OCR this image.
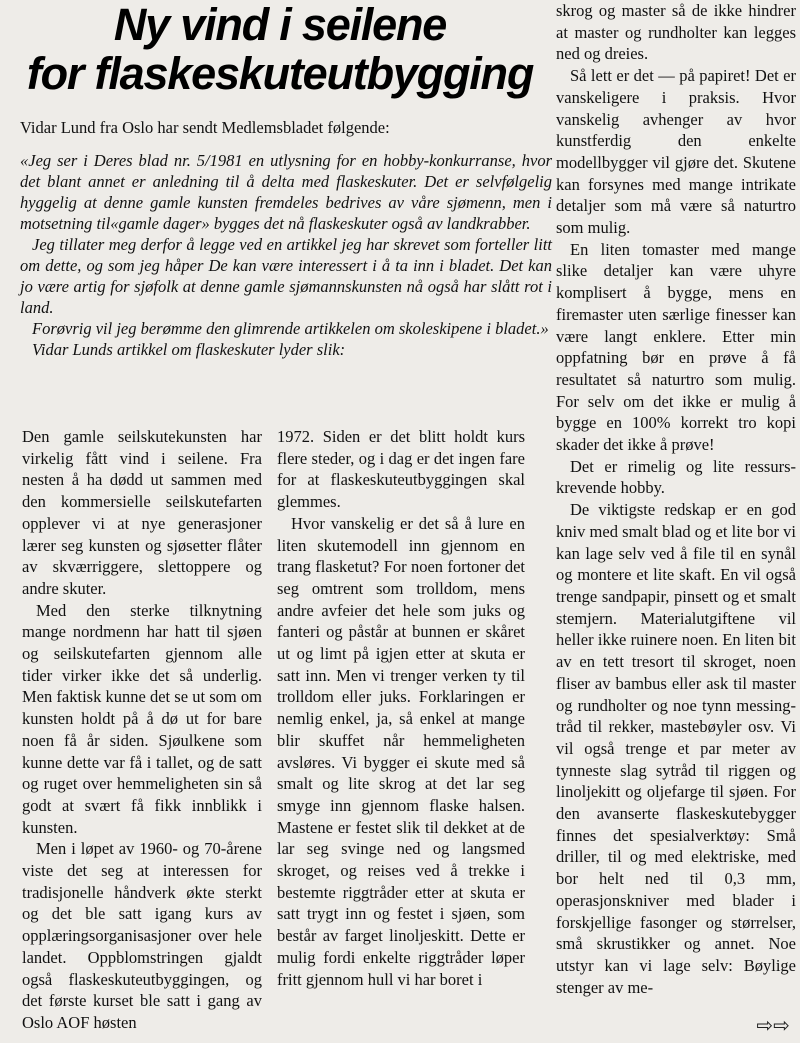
Ny vind i seilene
for flaskeskuteutbygging
Vidar Lund fra Oslo har sendt Medlemsbladet følgende:

«Jeg ser i Deres blad nr. 5/1981 en utlysning for en hobby-konkurranse, hvor det blant annet er anledning til å delta med flaskeskuter. Det er selvfølgelig hyggelig at denne gamle kunsten fremdeles bedrives av våre sjømenn, men i motsetning til«gamle dager» bygges det nå flaskeskuter også av landkrabber.

Jeg tillater meg derfor å legge ved en artikkel jeg har skrevet som forteller litt om dette, og som jeg håper De kan være interessert i å ta inn i bladet. Det kan jo være artig for sjøfolk at denne gamle sjømannskunsten nå også har slått rot i land.

Forøvrig vil jeg berømme den glimrende artikkelen om skoleskipene i bladet.»

Vidar Lunds artikkel om flaskeskuter lyder slik:

Den gamle seilskutekunsten har virkelig fått vind i seilene. Fra nesten å ha dødd ut sammen med den kommersielle seilskutefarten opplever vi at nye generasjoner lærer seg kunsten og sjøsetter flåter av skværriggere, slettoppere og andre skuter.

Med den sterke tilknytning mange nordmenn har hatt til sjøen og seilskutefarten gjennom alle tider virker ikke det så underlig. Men faktisk kunne det se ut som om kunsten holdt på å dø ut for bare noen få år siden. Sjøulkene som kunne dette var få i tallet, og de satt og ruget over hemmeligheten sin så godt at svært få fikk innblikk i kunsten.

Men i løpet av 1960- og 70-årene viste det seg at interessen for tradisjonelle håndverk økte sterkt og det ble satt igang kurs av opplæringsorganisasjoner over hele landet. Oppblomstringen gjaldt også flaskeskuteutbyggingen, og det første kurset ble satt i gang av Oslo AOF høsten

1972. Siden er det blitt holdt kurs flere steder, og i dag er det ingen fare for at flaskeskuteutbyggingen skal glemmes.

Hvor vanskelig er det så å lure en liten skutemodell inn gjennom en trang flasketut? For noen fortoner det seg omtrent som trolldom, mens andre avfeier det hele som juks og fanteri og påstår at bunnen er skåret ut og limt på igjen etter at skuta er satt inn. Men vi trenger verken ty til trolldom eller juks. Forklaringen er nemlig enkel, ja, så enkel at mange blir skuffet når hemmeligheten avsløres. Vi bygger ei skute med så smalt og lite skrog at det lar seg smyge inn gjennom flaske halsen. Mastene er festet slik til dekket at de lar seg svinge ned og langsmed skroget, og reises ved å trekke i bestemte riggtråder etter at skuta er satt trygt inn og festet i sjøen, som består av farget linoljeskitt. Dette er mulig fordi enkelte riggtråder løper fritt gjennom hull vi har boret i

skrog og master så de ikke hindrer at master og rundholter kan legges ned og dreies.

Så lett er det — på papiret! Det er vanskeligere i praksis. Hvor vanskelig avhenger av hvor kunstferdig den enkelte modellbygger vil gjøre det. Skutene kan forsynes med mange intrikate detaljer som må være så naturtro som mulig.

En liten tomaster med mange slike detaljer kan være uhyre komplisert å bygge, mens en firemaster uten særlige finesser kan være langt enklere. Etter min oppfatning bør en prøve å få resultatet så naturtro som mulig. For selv om det ikke er mulig å bygge en 100% korrekt tro kopi skader det ikke å prøve!

Det er rimelig og lite ressurskrevende hobby.

De viktigste redskap er en god kniv med smalt blad og et lite bor vi kan lage selv ved å file til en synål og montere et lite skaft. En vil også trenge sandpapir, pinsett og et smalt stemjern. Materialutgiftene vil heller ikke ruinere noen. En liten bit av en tett tresort til skroget, noen fliser av bambus eller ask til master og rundholter og noe tynn messingtråd til rekker, mastebøyler osv. Vi vil også trenge et par meter av tynneste slag sytråd til riggen og linoljekitt og oljefarge til sjøen. For den avanserte flaskeskutebygger finnes det spesialverktøy: Små driller, til og med elektriske, med bor helt ned til 0,3 mm, operasjonskniver med blader i forskjellige fasonger og størrelser, små skrustikker og annet. Noe utstyr kan vi lage selv: Bøylige stenger av me-

⇨⇨
